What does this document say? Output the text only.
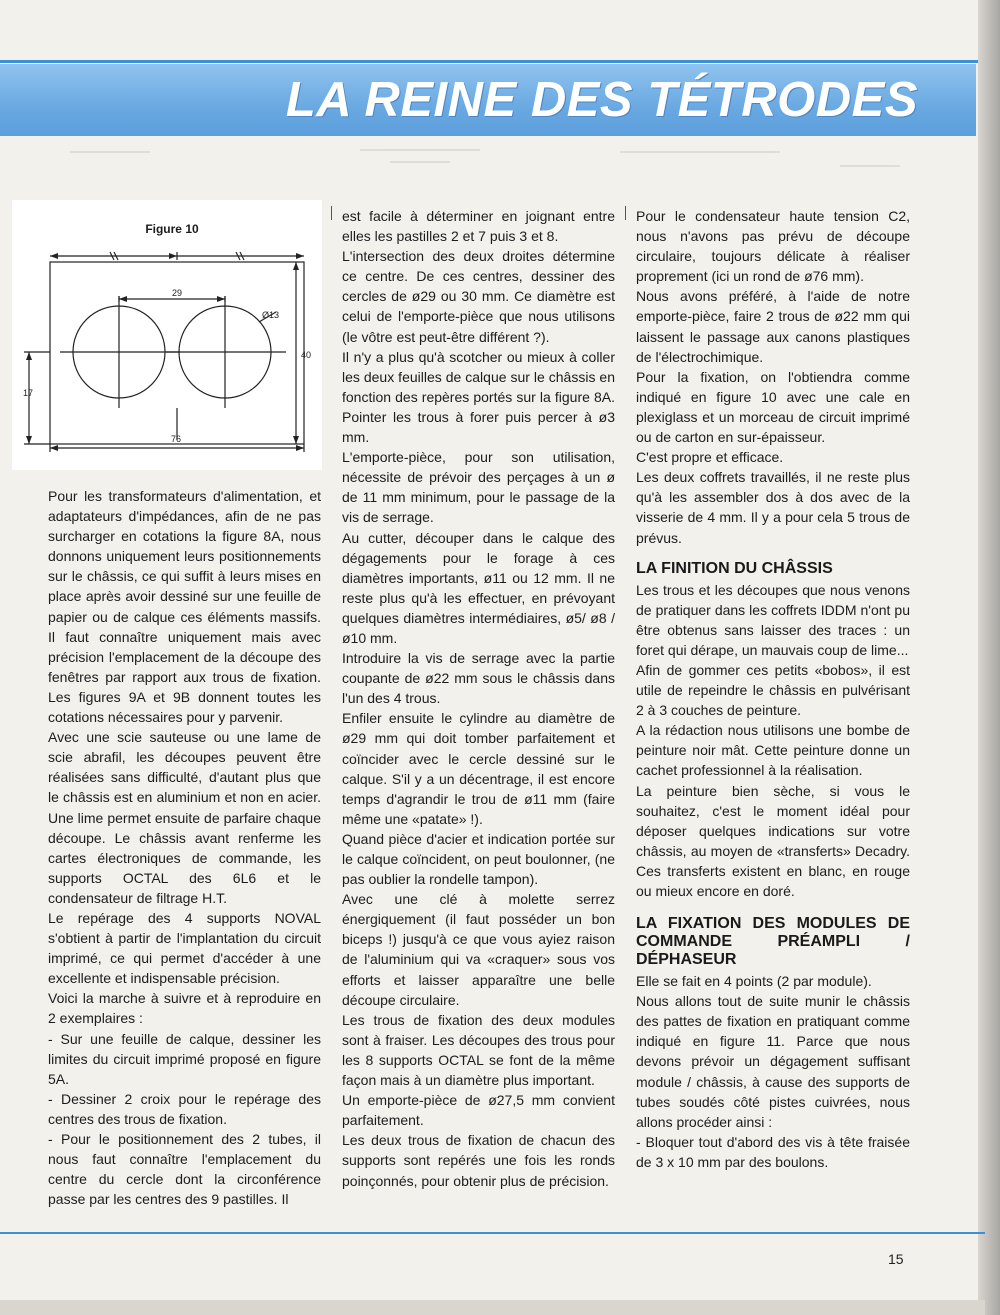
LA REINE DES TÉTRODES
Figure 10
29
Ø13
40
17
76

Pour les transformateurs d'alimentation, et adaptateurs d'impédances, afin de ne pas surcharger en cotations la figure 8A, nous donnons uniquement leurs positionnements sur le châssis, ce qui suffit à leurs mises en place après avoir dessiné sur une feuille de papier ou de calque ces éléments massifs. Il faut connaître uniquement mais avec précision l'emplacement de la découpe des fenêtres par rapport aux trous de fixation. Les figures 9A et 9B donnent toutes les cotations nécessaires pour y parvenir.

Avec une scie sauteuse ou une lame de scie abrafil, les découpes peuvent être réalisées sans difficulté, d'autant plus que le châssis est en aluminium et non en acier. Une lime permet ensuite de parfaire chaque découpe. Le châssis avant renferme les cartes électroniques de commande, les supports OCTAL des 6L6 et le condensateur de filtrage H.T.

Le repérage des 4 supports NOVAL s'obtient à partir de l'implantation du circuit imprimé, ce qui permet d'accéder à une excellente et indispensable précision.

Voici la marche à suivre et à reproduire en 2 exemplaires :

- Sur une feuille de calque, dessiner les limites du circuit imprimé proposé en figure 5A.

- Dessiner 2 croix pour le repérage des centres des trous de fixation.

- Pour le positionnement des 2 tubes, il nous faut connaître l'emplacement du centre du cercle dont la circonférence passe par les centres des 9 pastilles. Il

est facile à déterminer en joignant entre elles les pastilles 2 et 7 puis 3 et 8.

L'intersection des deux droites détermine ce centre. De ces centres, dessiner des cercles de ø29 ou 30 mm. Ce diamètre est celui de l'emporte-pièce que nous utilisons (le vôtre est peut-être différent ?).

Il n'y a plus qu'à scotcher ou mieux à coller les deux feuilles de calque sur le châssis en fonction des repères portés sur la figure 8A. Pointer les trous à forer puis percer à ø3 mm.

L'emporte-pièce, pour son utilisation, nécessite de prévoir des perçages à un ø de 11 mm minimum, pour le passage de la vis de serrage.

Au cutter, découper dans le calque des dégagements pour le forage à ces diamètres importants, ø11 ou 12 mm. Il ne reste plus qu'à les effectuer, en prévoyant quelques diamètres intermédiaires, ø5/ ø8 / ø10 mm.

Introduire la vis de serrage avec la partie coupante de ø22 mm sous le châssis dans l'un des 4 trous.

Enfiler ensuite le cylindre au diamètre de ø29 mm qui doit tomber parfaitement et coïncider avec le cercle dessiné sur le calque. S'il y a un décentrage, il est encore temps d'agrandir le trou de ø11 mm (faire même une «patate» !).

Quand pièce d'acier et indication portée sur le calque coïncident, on peut boulonner, (ne pas oublier la rondelle tampon).

Avec une clé à molette serrez énergiquement (il faut posséder un bon biceps !) jusqu'à ce que vous ayiez raison de l'aluminium qui va «craquer» sous vos efforts et laisser apparaître une belle découpe circulaire.

Les trous de fixation des deux modules sont à fraiser. Les découpes des trous pour les 8 supports OCTAL se font de la même façon mais à un diamètre plus important.

Un emporte-pièce de ø27,5 mm convient parfaitement.

Les deux trous de fixation de chacun des supports sont repérés une fois les ronds poinçonnés, pour obtenir plus de précision.

Pour le condensateur haute tension C2, nous n'avons pas prévu de découpe circulaire, toujours délicate à réaliser proprement (ici un rond de ø76 mm).

Nous avons préféré, à l'aide de notre emporte-pièce, faire 2 trous de ø22 mm qui laissent le passage aux canons plastiques de l'électrochimique.

Pour la fixation, on l'obtiendra comme indiqué en figure 10 avec une cale en plexiglass et un morceau de circuit imprimé ou de carton en sur-épaisseur.

C'est propre et efficace.

Les deux coffrets travaillés, il ne reste plus qu'à les assembler dos à dos avec de la visserie de 4 mm. Il y a pour cela 5 trous de prévus.

LA FINITION DU CHÂSSIS

Les trous et les découpes que nous venons de pratiquer dans les coffrets IDDM n'ont pu être obtenus sans laisser des traces : un foret qui dérape, un mauvais coup de lime...

Afin de gommer ces petits «bobos», il est utile de repeindre le châssis en pulvérisant 2 à 3 couches de peinture.

A la rédaction nous utilisons une bombe de peinture noir mât. Cette peinture donne un cachet professionnel à la réalisation.

La peinture bien sèche, si vous le souhaitez, c'est le moment idéal pour déposer quelques indications sur votre châssis, au moyen de «transferts» Decadry. Ces transferts existent en blanc, en rouge ou mieux encore en doré.

LA FIXATION DES MODULES DE COMMANDE PRÉAMPLI / DÉPHASEUR

Elle se fait en 4 points (2 par module).

Nous allons tout de suite munir le châssis des pattes de fixation en pratiquant comme indiqué en figure 11. Parce que nous devons prévoir un dégagement suffisant module / châssis, à cause des supports de tubes soudés côté pistes cuivrées, nous allons procéder ainsi :

- Bloquer tout d'abord des vis à tête fraisée de 3 x 10 mm par des boulons.

15
